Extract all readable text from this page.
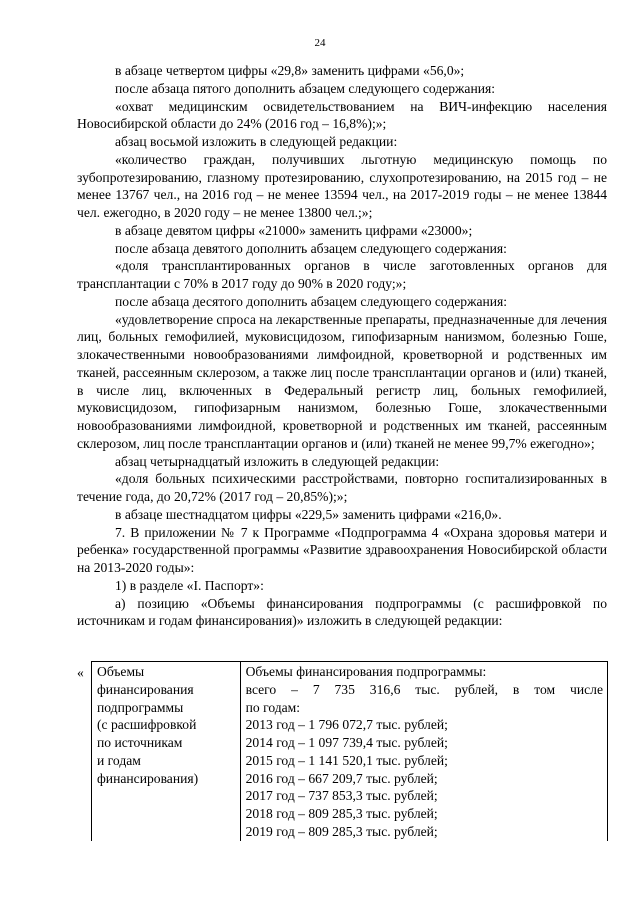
24

в абзаце четвертом цифры «29,8» заменить цифрами «56,0»;

после абзаца пятого дополнить абзацем следующего содержания:

«охват медицинским освидетельствованием на ВИЧ-инфекцию населения Новосибирской области до 24% (2016 год – 16,8%);»;

абзац восьмой изложить в следующей редакции:

«количество граждан, получивших льготную медицинскую помощь по зубопротезированию, глазному протезированию, слухопротезированию, на 2015 год – не менее 13767 чел., на 2016 год – не менее 13594 чел., на 2017-2019 годы – не менее 13844 чел. ежегодно, в 2020 году – не менее 13800 чел.;»;

в абзаце девятом цифры «21000» заменить цифрами «23000»;

после абзаца девятого дополнить абзацем следующего содержания:

«доля трансплантированных органов в числе заготовленных органов для трансплантации с 70% в 2017 году до 90% в 2020 году;»;

после абзаца десятого дополнить абзацем следующего содержания:

«удовлетворение спроса на лекарственные препараты, предназначенные для лечения лиц, больных гемофилией, муковисцидозом, гипофизарным нанизмом, болезнью Гоше, злокачественными новообразованиями лимфоидной, кроветворной и родственных им тканей, рассеянным склерозом, а также лиц после трансплантации органов и (или) тканей, в числе лиц, включенных в Федеральный регистр лиц, больных гемофилией, муковисцидозом, гипофизарным нанизмом, болезнью Гоше, злокачественными новообразованиями лимфоидной, кроветворной и родственных им тканей, рассеянным склерозом, лиц после трансплантации органов и (или) тканей не менее 99,7% ежегодно»;

абзац четырнадцатый изложить в следующей редакции:

«доля больных психическими расстройствами, повторно госпитализированных в течение года, до 20,72% (2017 год – 20,85%);»;

в абзаце шестнадцатом цифры «229,5» заменить цифрами «216,0».

7. В приложении № 7 к Программе «Подпрограмма 4 «Охрана здоровья матери и ребенка» государственной программы «Развитие здравоохранения Новосибирской области на 2013-2020 годы»:

1) в разделе «I. Паспорт»:

а) позицию «Объемы финансирования подпрограммы (с расшифровкой по источникам и годам финансирования)» изложить в следующей редакции:

« Объемы
финансирования
подпрограммы
(с расшифровкой
по источникам
и годам
финансирования)

Объемы финансирования подпрограммы:
всего – 7 735 316,6 тыс. рублей, в том числе
по годам:
2013 год – 1 796 072,7 тыс. рублей;
2014 год – 1 097 739,4 тыс. рублей;
2015 год – 1 141 520,1 тыс. рублей;
2016 год – 667 209,7 тыс. рублей;
2017 год – 737 853,3 тыс. рублей;
2018 год – 809 285,3 тыс. рублей;
2019 год – 809 285,3 тыс. рублей;
